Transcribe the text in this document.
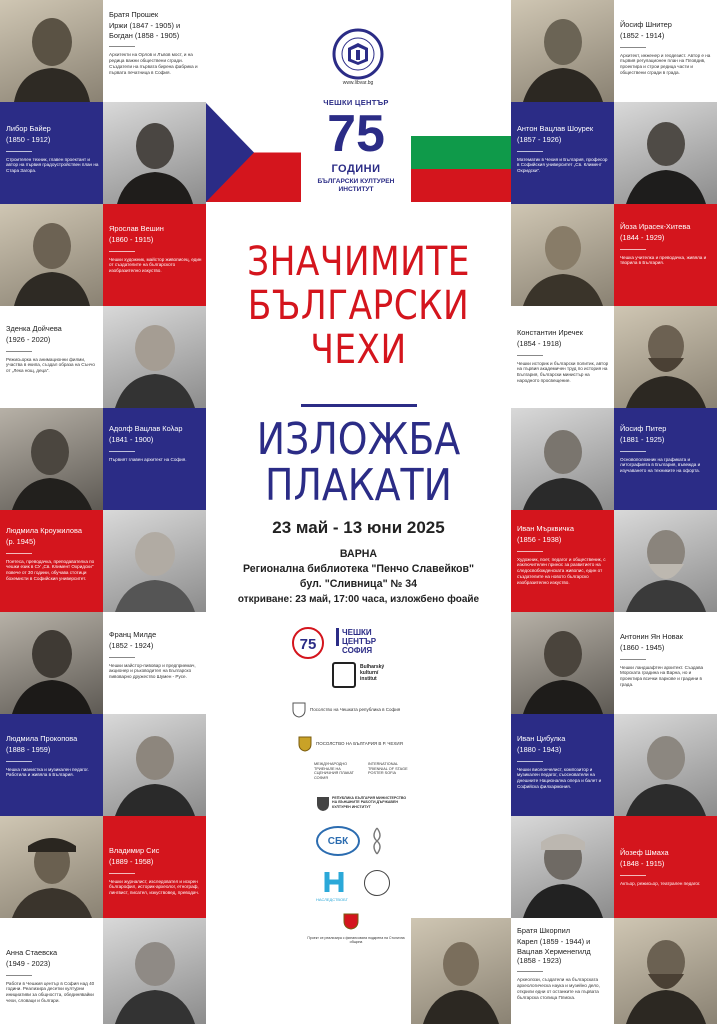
www.libvar.bg
ЧЕШКИ ЦЕНТЪР
75
ГОДИНИ
БЪЛГАРСКИ КУЛТУРЕН
ИНСТИТУТ
ЗНАЧИМИТЕ
БЪЛГАРСКИ
ЧЕХИ
ИЗЛОЖБА
ПЛАКАТИ
23 май - 13 юни 2025
ВАРНА
Регионална библиотека "Пенчо Славейков"
бул. "Сливница" № 34
откриване: 23 май, 17:00 часа, изложбено фоайе
75
ЧЕШКИ ЦЕНТЪР
СОФИЯ
Bulharský
kulturní
institut
Посолство на Чешката република в София
ПОСОЛСТВО НА БЪЛГАРИЯ В Р. ЧЕХИЯ
МЕЖДУНАРОДНО ТРИЕНАЛЕ НА СЦЕНИЧНИЯ ПЛАКАТ СОФИЯ
INTERNATIONAL TRIENNIAL OF STAGE POSTER SOFIA
РЕПУБЛИКА БЪЛГАРИЯ МИНИСТЕРСТВО НА ВЪНШНИТЕ РАБОТИ ДЪРЖАВЕН КУЛТУРЕН ИНСТИТУТ
СБК
НАСЛЕДСТВОБГ
Проект се реализира с финансовата подкрепа на Столична община
Братя Прошек
Иржи (1847 - 1905) и Богдан (1858 - 1905)
Архитекти на Орлов и Лъвов мост, и на редица важни обществени сгради. Създатели на първата бирена фабрика и първата печатница в София.
Либор Байер
(1850 - 1912)
Строителен техник, главен проектант и автор на първия градоустройствен план на Стара Загора.
Ярослав Вешин
(1860 - 1915)
Чешки художник, майстор живописец, един от създателите на българското изобразително изкуство.
Зденка Дойчева
(1926 - 2020)
Режисьорка на анимационни филми, участва в екипа, създал образа на Сънчо от „Лека нощ, деца".
Адолф Вацлав Кολар
(1841 - 1900)
Първият главен архитект на София.
Людмила Кроужилова
(р. 1945)
Поетеса, преводачка, преподавателка по чешки език в СУ „Св. Климент Охридски" повече от 30 години, обучава стотици бохемисти в Софийския университет.
Франц Милде
(1852 - 1924)
Чешки майстор-пивовар и предприемач, акционер и ръководител на Българско пивоварно дружество Шумен - Русе.
Людмила Прокопова
(1888 - 1959)
Чешка пианистка и музикален педагог. Работила и живяла в България.
Владимир Сис
(1889 - 1958)
Чешки журналист, изследовател и искрен българофил, историк-археолог, етнограф, лингвист, писател, изкуствовед, преводач.
Анна Стаевска
(1949 - 2023)
Работи в Чешкия център в София над 40 години. Реализира десетки културни инициативи за общността, обединявайки чехи, словаци и българи.
Йосиф Шнитер
(1852 - 1914)
Архитект, инженер и геодезист. Автор е на първия регулационен план на Пловдив, проектира и строи редица части и обществени сгради в града.
Антон Вацлав Шоурек
(1857 - 1926)
Математик в Чехия и България, професор в Софийския университет „Св. Климент Охридски".
Йоза Ирасек-Хитева
(1844 - 1929)
Чешка учителка и преводачка, живяла и творила в България.
Константин Иречек
(1854 - 1918)
Чешки историк и български политик, автор на първия академичен труд по история на България, български министър на народното просвещение.
Йосиф Питер
(1881 - 1925)
Основоположник на графиката и литографията в България, въвежда и изучаването на техниките на офорта.
Иван Мърквичка
(1856 - 1938)
Художник, поет, педагог и общественик, с изключителен принос за развитието на следосвобожденската живопис, един от създателите на новото българско изобразително изкуство.
Антонин Ян Новак
(1860 - 1945)
Чешки ландшафтен архитект. Създава Морската градина на Варна, но и проектира всички паркове и градини в града.
Иван Цибулка
(1880 - 1943)
Чешки виолончелист, композитор и музикален педагог, съоснователи на днешните Национална опера и балет и Софийска филхармония.
Йозеф Шмаха
(1848 - 1915)
Актьор, режисьор, театрален педагог.
Братя Шкорпил
Карел (1859 - 1944) и Вацлав Херменегилд (1858 - 1923)
Археолози, създатели на българската археологическа наука и музейно дело, открили едни от останките на първата българска столица Плиска.
